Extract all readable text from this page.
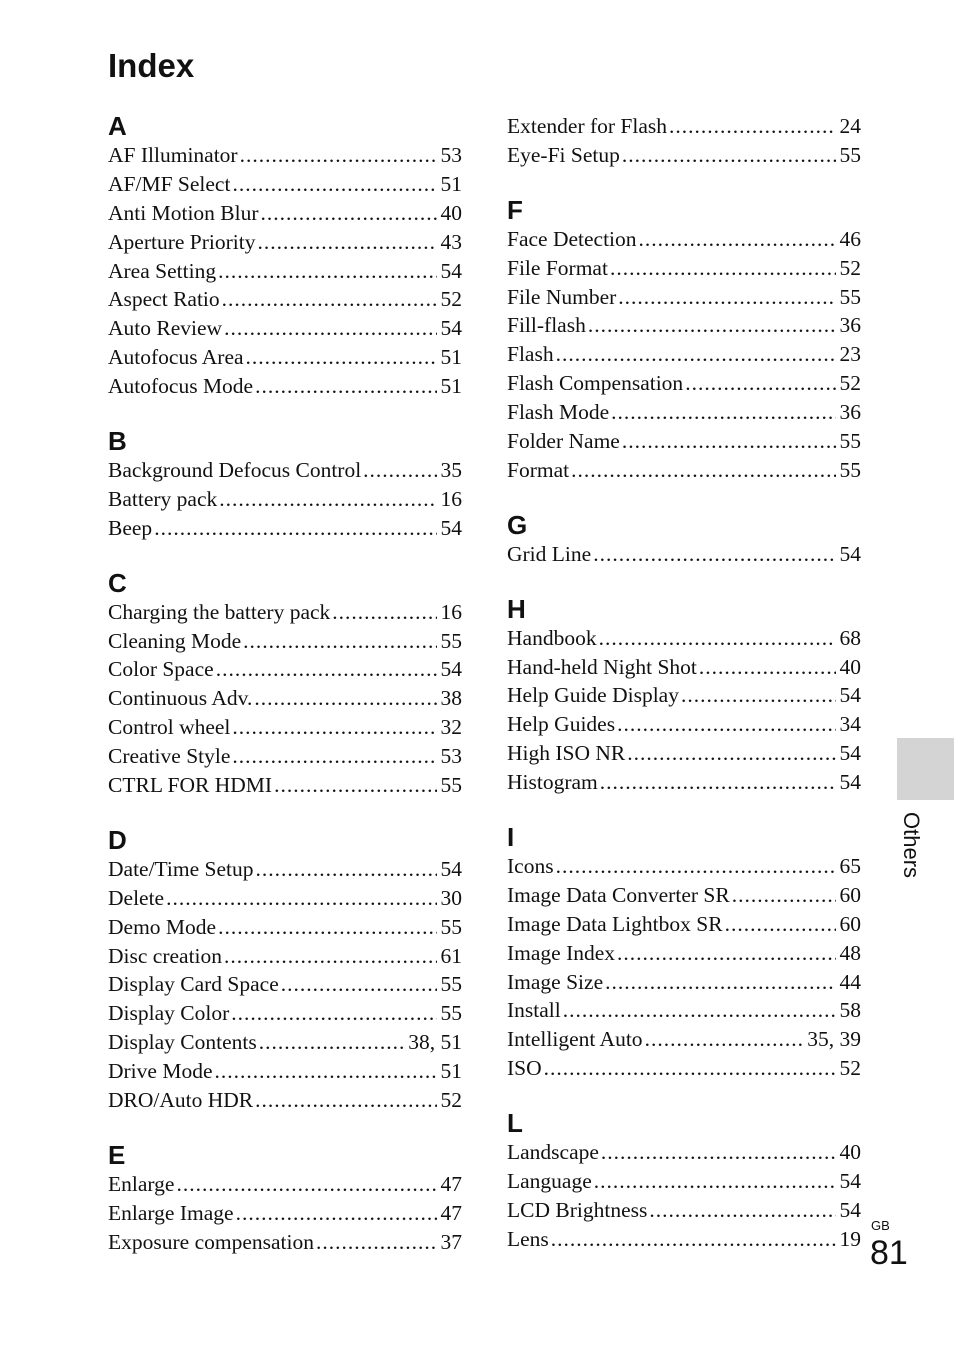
Index
A
AF Illuminator .....	53
AF/MF Select .....	51
Anti Motion Blur .....	40
Aperture Priority .....	43
Area Setting .....	54
Aspect Ratio .....	52
Auto Review .....	54
Autofocus Area .....	51
Autofocus Mode .....	51
B
Background Defocus Control .....	35
Battery pack .....	16
Beep .....	54
C
Charging the battery pack .....	16
Cleaning Mode .....	55
Color Space .....	54
Continuous Adv. .....	38
Control wheel .....	32
Creative Style .....	53
CTRL FOR HDMI .....	55
D
Date/Time Setup .....	54
Delete .....	30
Demo Mode .....	55
Disc creation .....	61
Display Card Space .....	55
Display Color .....	55
Display Contents .....	38, 51
Drive Mode .....	51
DRO/Auto HDR .....	52
E
Enlarge .....	47
Enlarge Image .....	47
Exposure compensation .....	37
Extender for Flash .....	24
Eye-Fi Setup .....	55
F
Face Detection .....	46
File Format .....	52
File Number .....	55
Fill-flash .....	36
Flash .....	23
Flash Compensation .....	52
Flash Mode .....	36
Folder Name .....	55
Format .....	55
G
Grid Line .....	54
H
Handbook .....	68
Hand-held Night Shot .....	40
Help Guide Display .....	54
Help Guides .....	34
High ISO NR .....	54
Histogram .....	54
I
Icons .....	65
Image Data Converter SR .....	60
Image Data Lightbox SR .....	60
Image Index .....	48
Image Size .....	44
Install .....	58
Intelligent Auto .....	35, 39
ISO .....	52
L
Landscape .....	40
Language .....	54
LCD Brightness .....	54
Lens .....	19
Others
GB
81
